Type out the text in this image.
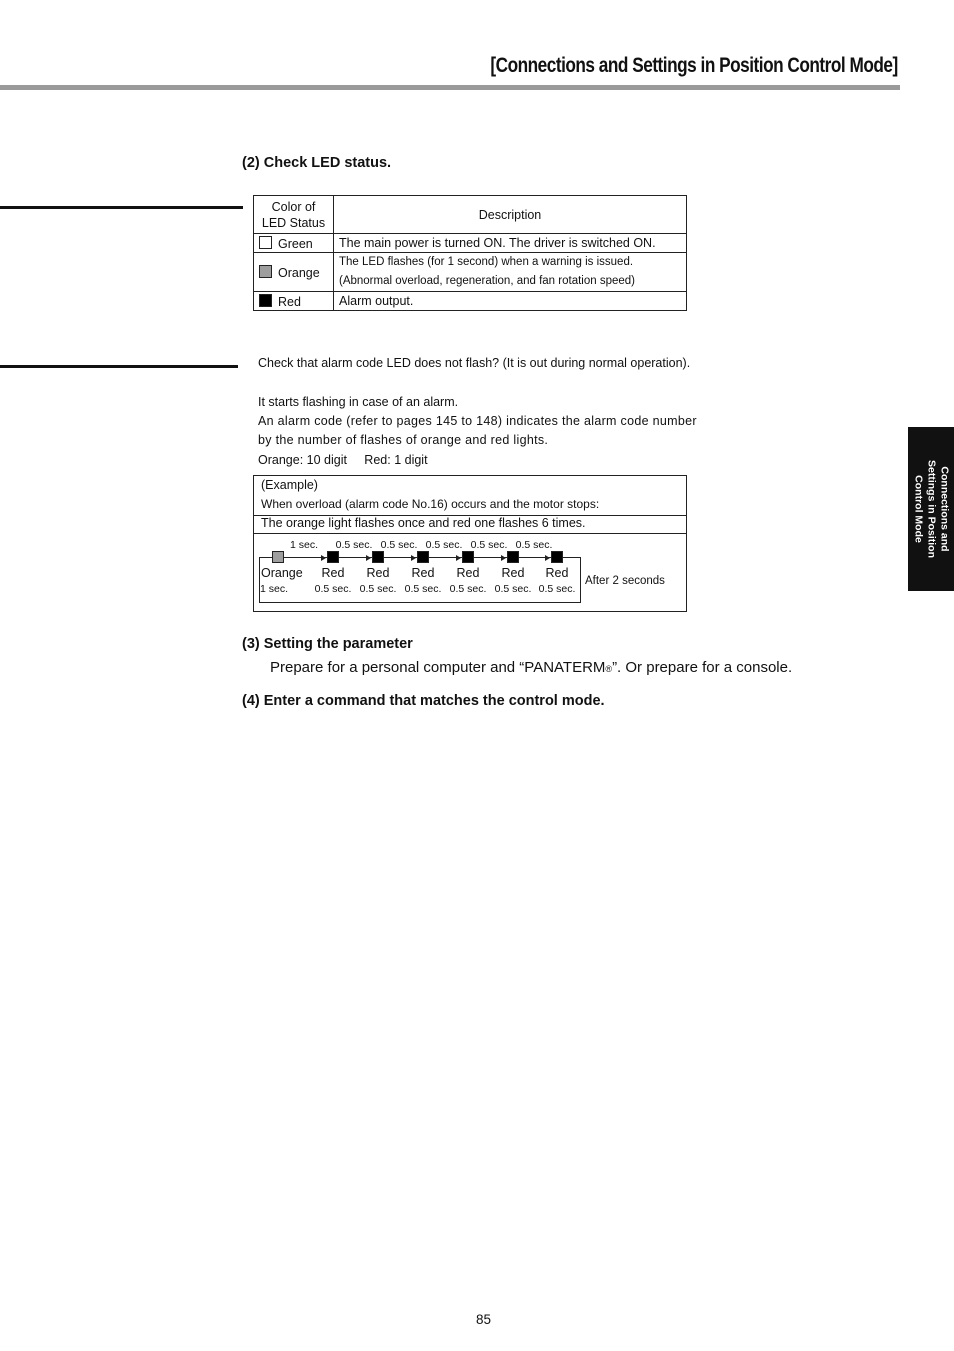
[Connections and Settings in Position Control Mode]
Connections and
Settings in Position
Control Mode
(2) Check LED status.
Color of
LED Status	Description
Green	The main power is turned ON. The driver is switched ON.
Orange	The LED flashes (for 1 second) when a warning is issued.
(Abnormal overload, regeneration, and fan rotation speed)

Red	Alarm output.
Check that alarm code LED does not flash? (It is out during normal operation).
It starts flashing in case of an alarm.
An alarm code (refer to pages 145 to 148) indicates the alarm code number
by the number of flashes of orange and red lights.
Orange: 10 digit     Red: 1 digit
(Example)
When overload (alarm code No.16) occurs and the motor stops:
The orange light flashes once and red one flashes 6 times.
Orange
1 sec.
Red
0.5 sec.
Red
0.5 sec.
Red
0.5 sec.
Red
0.5 sec.
Red
0.5 sec.
Red
0.5 sec.
1 sec.	0.5 sec. 0.5 sec. 0.5 sec. 0.5 sec. 0.5 sec.
After 2 seconds
(3) Setting the parameter
Prepare for a personal computer and “PANATERM®”. Or prepare for a console.
(4) Enter a command that matches the control mode.
85
